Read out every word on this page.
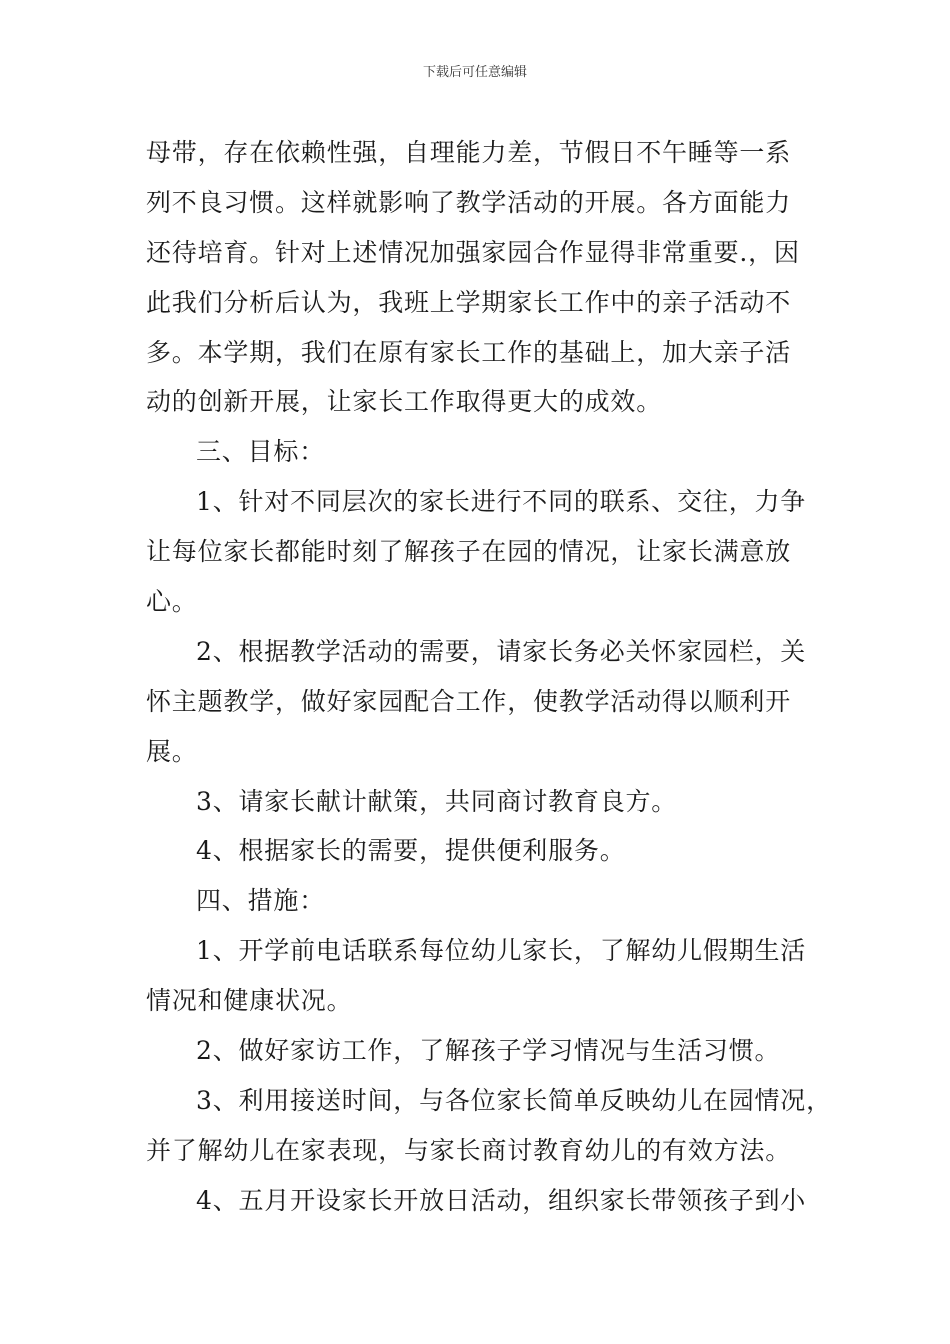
下载后可任意编辑
母带，存在依赖性强，自理能力差，节假日不午睡等一系
列不良习惯。这样就影响了教学活动的开展。各方面能力
还待培育。针对上述情况加强家园合作显得非常重要.，因
此我们分析后认为，我班上学期家长工作中的亲子活动不
多。本学期，我们在原有家长工作的基础上，加大亲子活
动的创新开展，让家长工作取得更大的成效。
三、目标：
1、针对不同层次的家长进行不同的联系、交往，力争
让每位家长都能时刻了解孩子在园的情况，让家长满意放
心。
2、根据教学活动的需要，请家长务必关怀家园栏，关
怀主题教学，做好家园配合工作，使教学活动得以顺利开
展。
3、请家长献计献策，共同商讨教育良方。
4、根据家长的需要，提供便利服务。
四、措施：
1、开学前电话联系每位幼儿家长，了解幼儿假期生活
情况和健康状况。
2、做好家访工作，了解孩子学习情况与生活习惯。
3、利用接送时间，与各位家长简单反映幼儿在园情况，
并了解幼儿在家表现，与家长商讨教育幼儿的有效方法。
4、五月开设家长开放日活动，组织家长带领孩子到小
